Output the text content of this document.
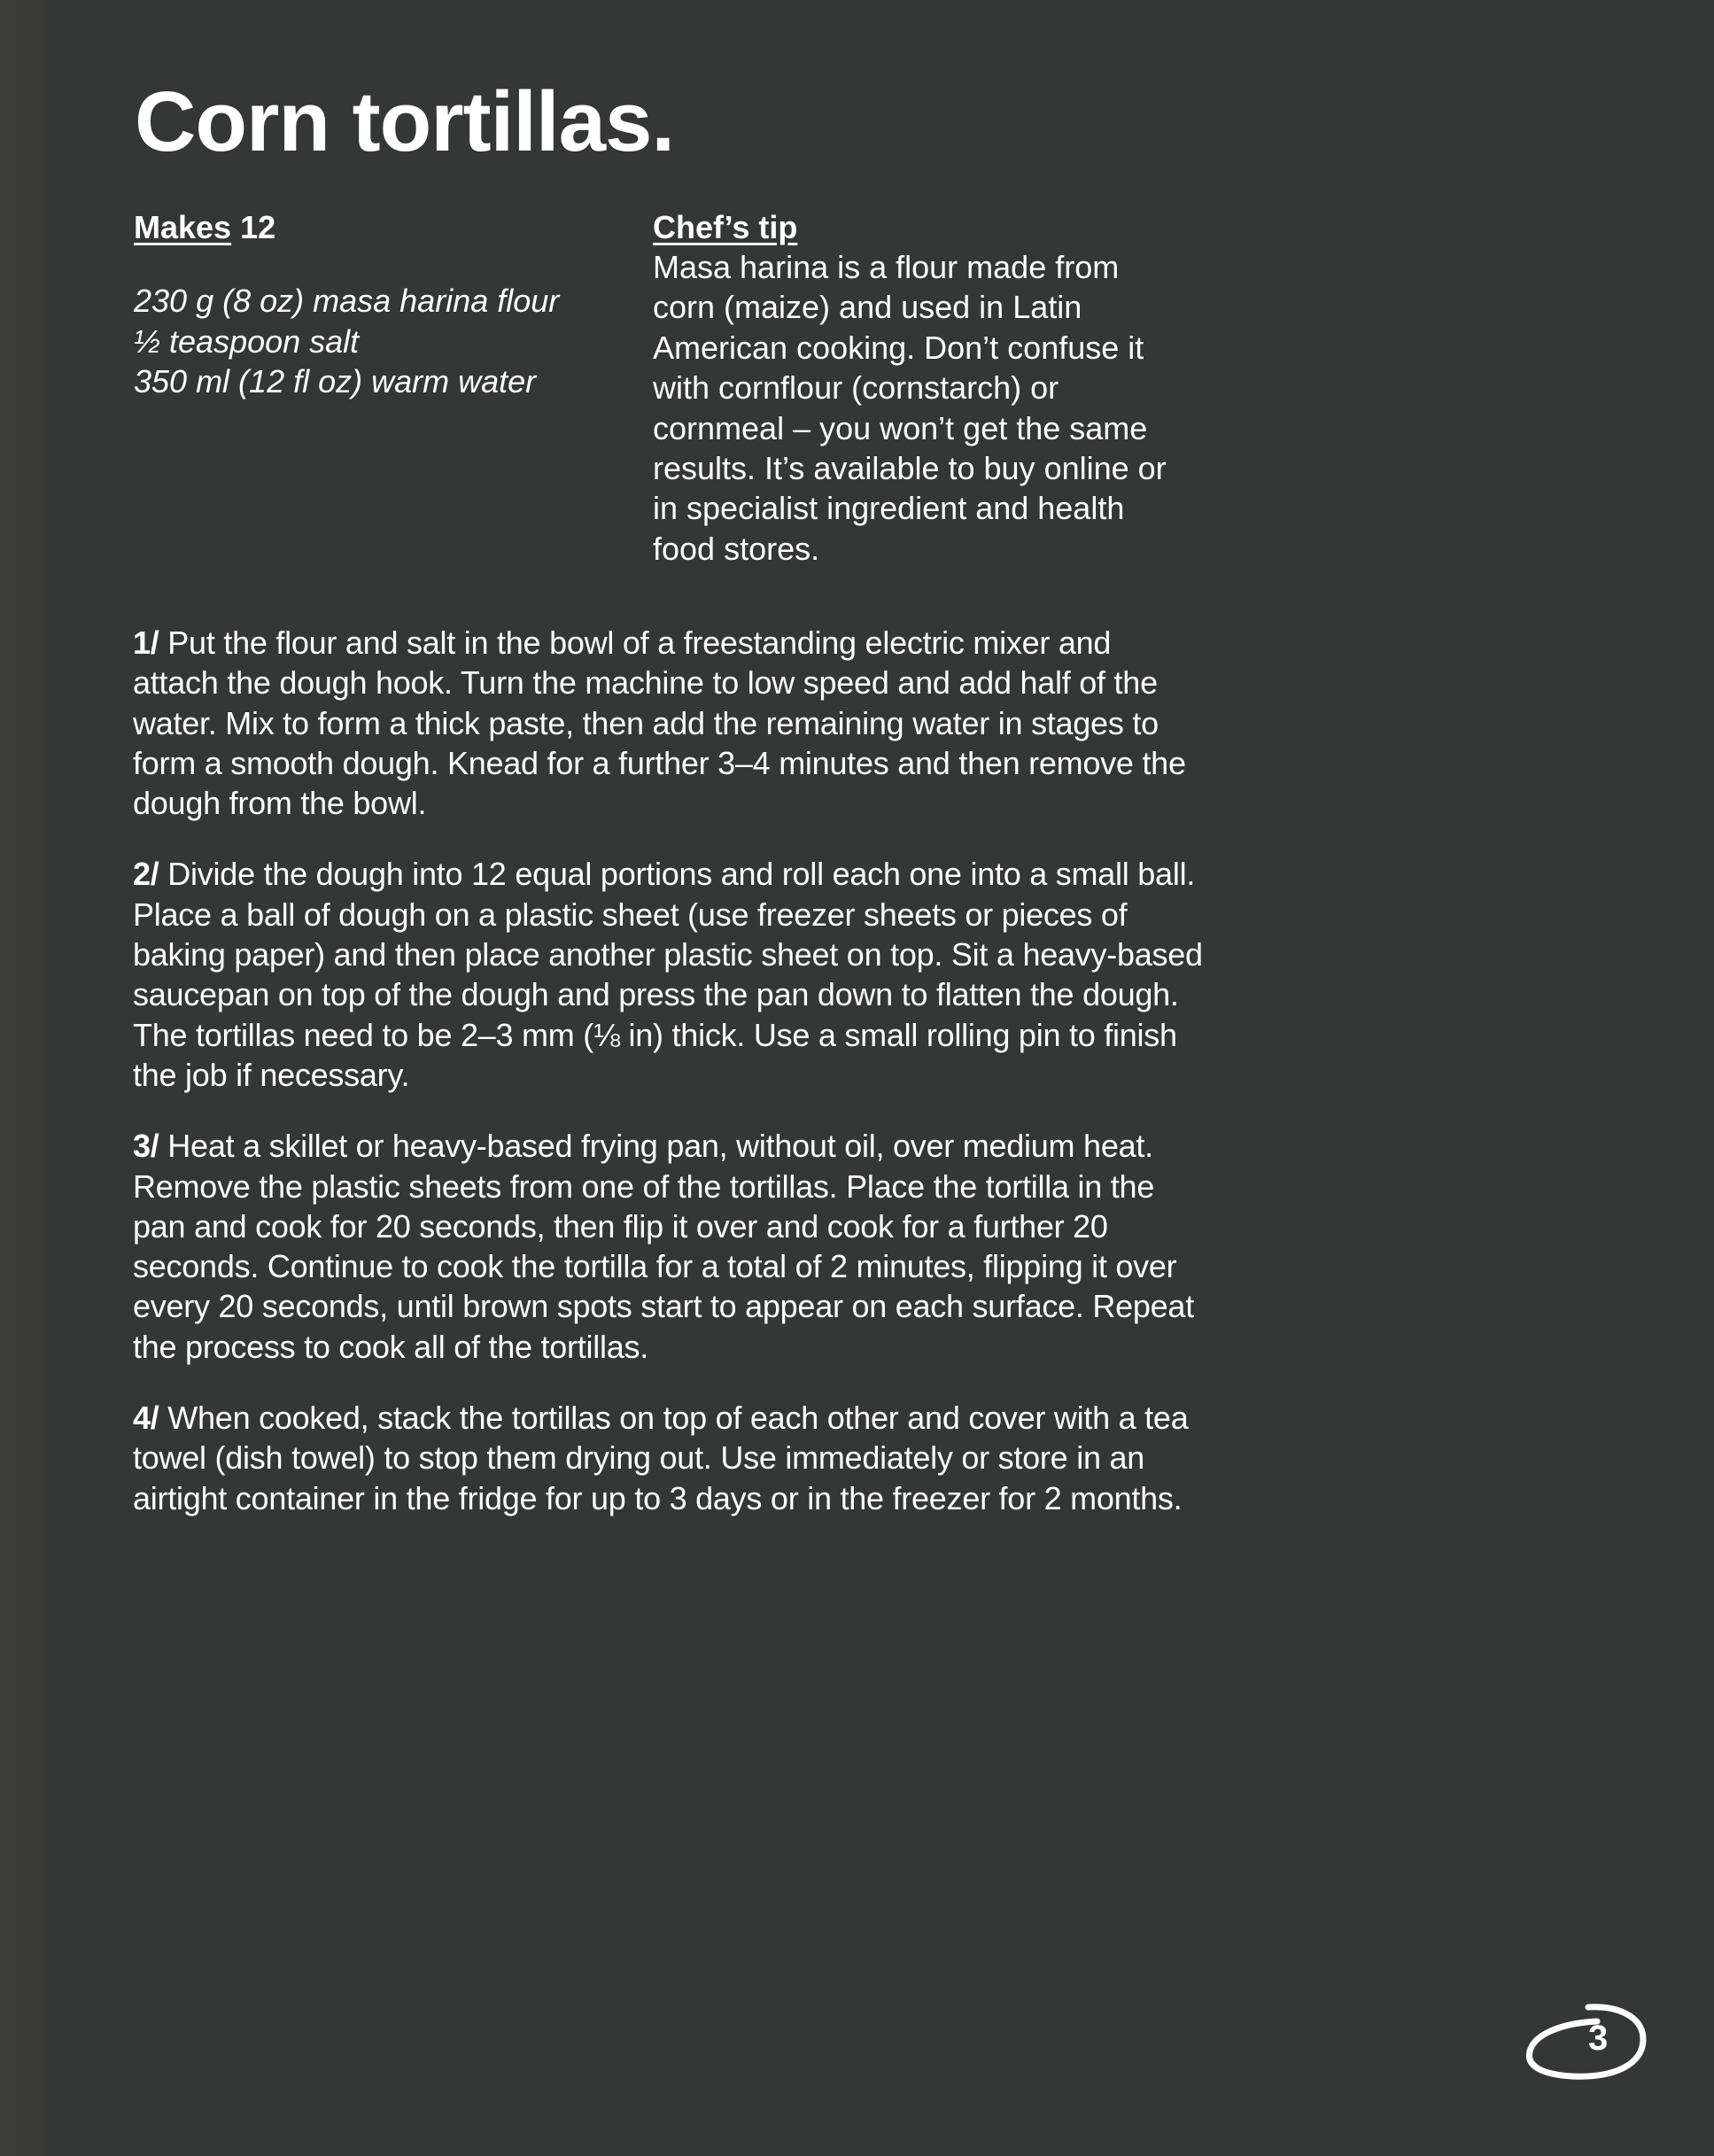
Corn tortillas.
Makes 12
230 g (8 oz) masa harina flour
½ teaspoon salt
350 ml (12 fl oz) warm water
Chef’s tip
Masa harina is a flour made from corn (maize) and used in Latin American cooking. Don’t confuse it with cornflour (cornstarch) or cornmeal – you won’t get the same results. It’s available to buy online or in specialist ingredient and health food stores.

1/ Put the flour and salt in the bowl of a freestanding electric mixer and attach the dough hook. Turn the machine to low speed and add half of the water. Mix to form a thick paste, then add the remaining water in stages to form a smooth dough. Knead for a further 3–4 minutes and then remove the dough from the bowl.

2/ Divide the dough into 12 equal portions and roll each one into a small ball. Place a ball of dough on a plastic sheet (use freezer sheets or pieces of baking paper) and then place another plastic sheet on top. Sit a heavy-based saucepan on top of the dough and press the pan down to flatten the dough. The tortillas need to be 2–3 mm (⅛ in) thick. Use a small rolling pin to finish the job if necessary.

3/ Heat a skillet or heavy-based frying pan, without oil, over medium heat. Remove the plastic sheets from one of the tortillas. Place the tortilla in the pan and cook for 20 seconds, then flip it over and cook for a further 20 seconds. Continue to cook the tortilla for a total of 2 minutes, flipping it over every 20 seconds, until brown spots start to appear on each surface. Repeat the process to cook all of the tortillas.

4/ When cooked, stack the tortillas on top of each other and cover with a tea towel (dish towel) to stop them drying out. Use immediately or store in an airtight container in the fridge for up to 3 days or in the freezer for 2 months.

3
